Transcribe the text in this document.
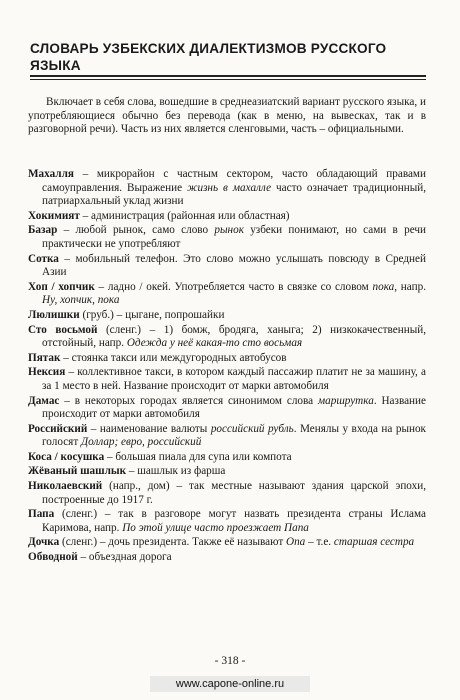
СЛОВАРЬ УЗБЕКСКИХ ДИАЛЕКТИЗМОВ РУССКОГО
ЯЗЫКА

Включает в себя слова, вошедшие в среднеазиатский вариант русского языка, и употребляющиеся обычно без перевода (как в меню, на вывесках, так и в разговорной речи). Часть из них является сленговыми, часть – официальными.

Махалля – микрорайон с частным сектором, часто обладающий правами самоуправления. Выражение жизнь в махалле часто означает традиционный, патриархальный уклад жизни

Хокимият – администрация (районная или областная)

Базар – любой рынок, само слово рынок узбеки понимают, но сами в речи практически не употребляют

Сотка – мобильный телефон. Это слово можно услышать повсюду в Средней Азии

Хоп / хопчик – ладно / окей. Употребляется часто в связке со словом пока, напр. Ну, хопчик, пока

Люлишки (груб.) – цыгане, попрошайки

Сто восьмой (сленг.) – 1) бомж, бродяга, ханыга; 2) низкокачественный, отстойный, напр. Одежда у неё какая-то сто восьмая

Пятак – стоянка такси или междугородных автобусов

Нексия – коллективное такси, в котором каждый пассажир платит не за машину, а за 1 место в ней. Название происходит от марки автомобиля

Дамас – в некоторых городах является синонимом слова маршрутка. Название происходит от марки автомобиля

Российский – наименование валюты российский рубль. Менялы у входа на рынок голосят Доллар; евро, российский

Коса / косушка – большая пиала для супа или компота

Жёваный шашлык – шашлык из фарша

Николаевский (напр., дом) – так местные называют здания царской эпохи, построенные до 1917 г.

Папа (сленг.) – так в разговоре могут назвать президента страны Ислама Каримова, напр. По этой улице часто проезжает Папа

Дочка (сленг.) – дочь президента. Также её называют Опа – т.е. старшая сестра

Обводной – объездная дорога

- 318 -
www.capone-online.ru
